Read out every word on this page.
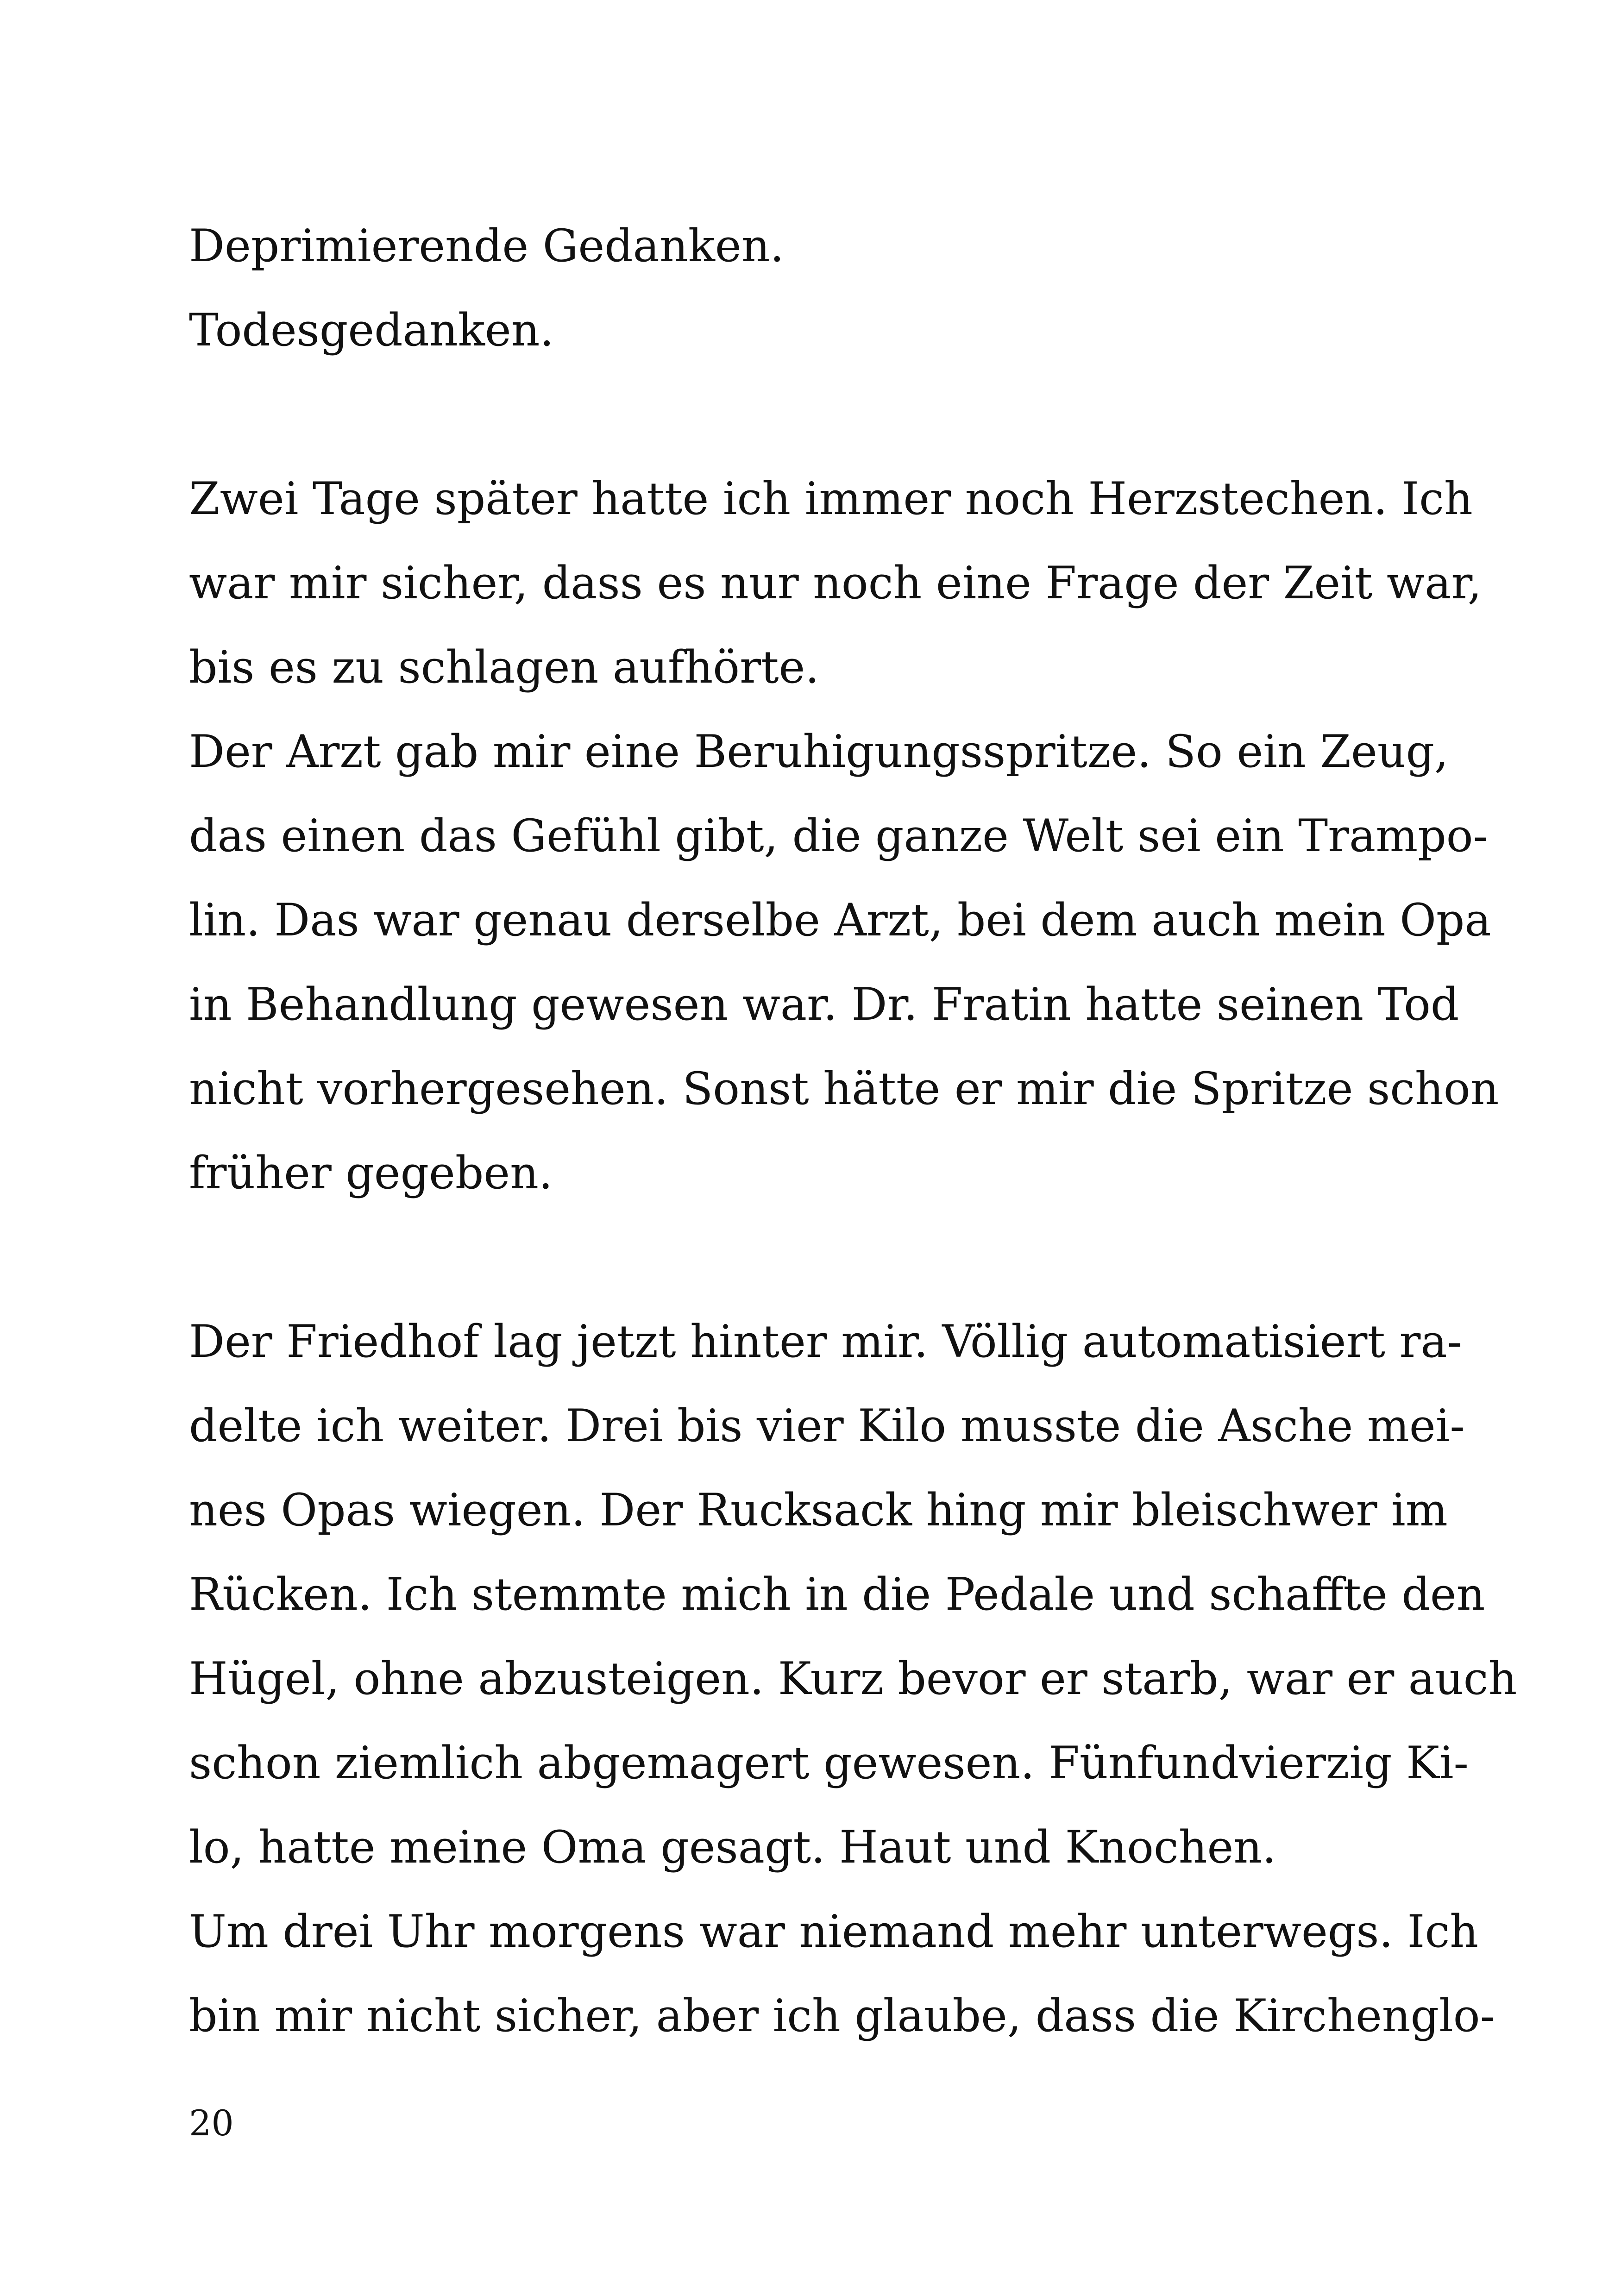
Deprimierende Gedanken.
Todesgedanken.
Zwei Tage später hatte ich immer noch Herzstechen. Ich
war mir sicher, dass es nur noch eine Frage der Zeit war,
bis es zu schlagen aufhörte.
Der Arzt gab mir eine Beruhigungsspritze. So ein Zeug,
das einen das Gefühl gibt, die ganze Welt sei ein Trampo-
lin. Das war genau derselbe Arzt, bei dem auch mein Opa
in Behandlung gewesen war. Dr. Fratin hatte seinen Tod
nicht vorhergesehen. Sonst hätte er mir die Spritze schon
früher gegeben.
Der Friedhof lag jetzt hinter mir. Völlig automatisiert ra-
delte ich weiter. Drei bis vier Kilo musste die Asche mei-
nes Opas wiegen. Der Rucksack hing mir bleischwer im
Rücken. Ich stemmte mich in die Pedale und schaffte den
Hügel, ohne abzusteigen. Kurz bevor er starb, war er auch
schon ziemlich abgemagert gewesen. Fünfundvierzig Ki-
lo, hatte meine Oma gesagt. Haut und Knochen.
Um drei Uhr morgens war niemand mehr unterwegs. Ich
bin mir nicht sicher, aber ich glaube, dass die Kirchenglo-
20
